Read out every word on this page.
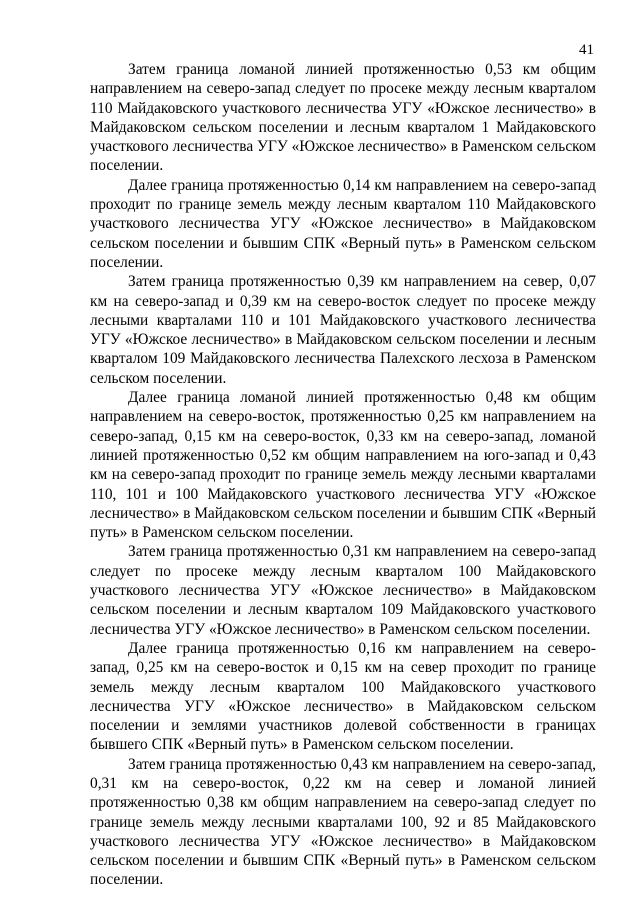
41

Затем граница ломаной линией протяженностью 0,53 км общим направлением на северо-запад следует по просеке между лесным кварталом 110 Майдаковского участкового лесничества УГУ «Южское лесничество» в Майдаковском сельском поселении и лесным кварталом 1 Майдаковского участкового лесничества УГУ «Южское лесничество» в Раменском сельском поселении.

Далее граница протяженностью 0,14 км направлением на северо-запад проходит по границе земель между лесным кварталом 110 Майдаковского участкового лесничества УГУ «Южское лесничество» в Майдаковском сельском поселении и бывшим СПК «Верный путь» в Раменском сельском поселении.

Затем граница протяженностью 0,39 км направлением на север, 0,07 км на северо-запад и 0,39 км на северо-восток следует по просеке между лесными кварталами 110 и 101 Майдаковского участкового лесничества УГУ «Южское лесничество» в Майдаковском сельском поселении и лесным кварталом 109 Майдаковского лесничества Палехского лесхоза в Раменском сельском поселении.

Далее граница ломаной линией протяженностью 0,48 км общим направлением на северо-восток, протяженностью 0,25 км направлением на северо-запад, 0,15 км на северо-восток, 0,33 км на северо-запад, ломаной линией протяженностью 0,52 км общим направлением на юго-запад и 0,43 км на северо-запад проходит по границе земель между лесными кварталами 110, 101 и 100 Майдаковского участкового лесничества УГУ «Южское лесничество» в Майдаковском сельском поселении и бывшим СПК «Верный путь» в Раменском сельском поселении.

Затем граница протяженностью 0,31 км направлением на северо-запад следует по просеке между лесным кварталом 100 Майдаковского участкового лесничества УГУ «Южское лесничество» в Майдаковском сельском поселении и лесным кварталом 109 Майдаковского участкового лесничества УГУ «Южское лесничество» в Раменском сельском поселении.

Далее граница протяженностью 0,16 км направлением на северо-запад, 0,25 км на северо-восток и 0,15 км на север проходит по границе земель между лесным кварталом 100 Майдаковского участкового лесничества УГУ «Южское лесничество» в Майдаковском сельском поселении и землями участников долевой собственности в границах бывшего СПК «Верный путь» в Раменском сельском поселении.

Затем граница протяженностью 0,43 км направлением на северо-запад, 0,31 км на северо-восток, 0,22 км на север и ломаной линией протяженностью 0,38 км общим направлением на северо-запад следует по границе земель между лесными кварталами 100, 92 и 85 Майдаковского участкового лесничества УГУ «Южское лесничество» в Майдаковском сельском поселении и бывшим СПК «Верный путь» в Раменском сельском поселении.
